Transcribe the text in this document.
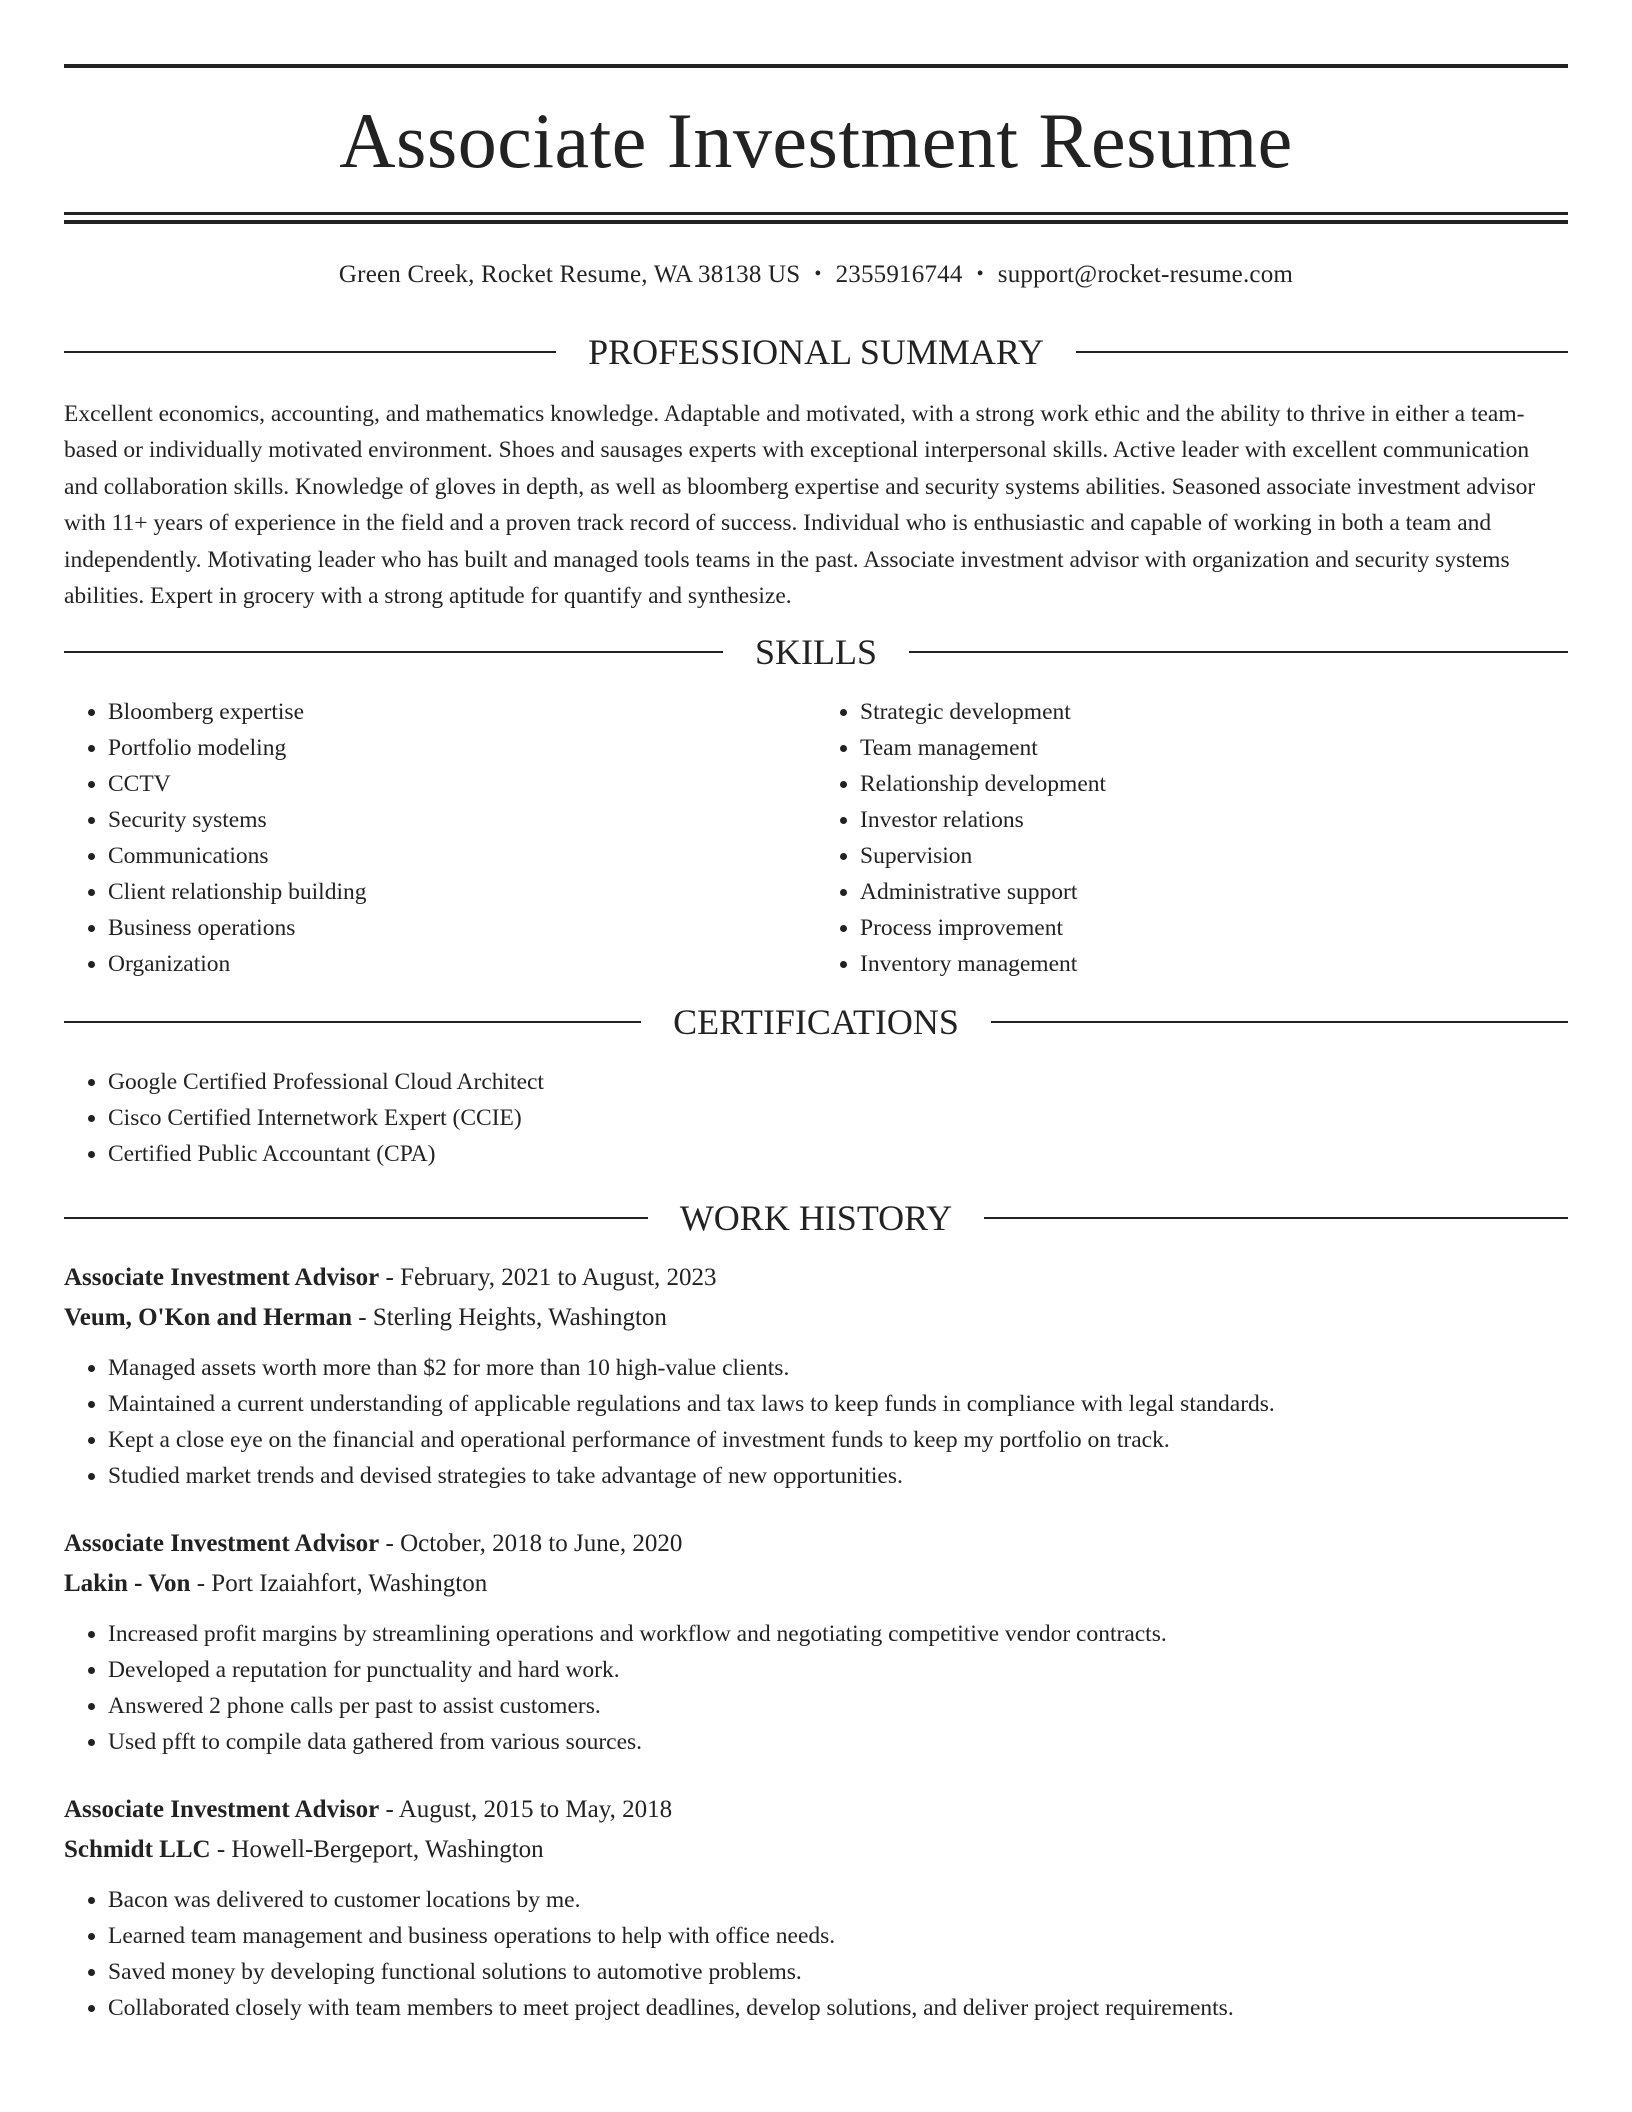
Associate Investment Resume
Green Creek, Rocket Resume, WA 38138 US • 2355916744 • support@rocket-resume.com
PROFESSIONAL SUMMARY

Excellent economics, accounting, and mathematics knowledge. Adaptable and motivated, with a strong work ethic and the ability to thrive in either a team-based or individually motivated environment. Shoes and sausages experts with exceptional interpersonal skills. Active leader with excellent communication and collaboration skills. Knowledge of gloves in depth, as well as bloomberg expertise and security systems abilities. Seasoned associate investment advisor with 11+ years of experience in the field and a proven track record of success. Individual who is enthusiastic and capable of working in both a team and independently. Motivating leader who has built and managed tools teams in the past. Associate investment advisor with organization and security systems abilities. Expert in grocery with a strong aptitude for quantify and synthesize.

SKILLS
• Bloomberg expertise
• Portfolio modeling
• CCTV
• Security systems
• Communications
• Client relationship building
• Business operations
• Organization
• Strategic development
• Team management
• Relationship development
• Investor relations
• Supervision
• Administrative support
• Process improvement
• Inventory management
CERTIFICATIONS
• Google Certified Professional Cloud Architect
• Cisco Certified Internetwork Expert (CCIE)
• Certified Public Accountant (CPA)
WORK HISTORY
Associate Investment Advisor - February, 2021 to August, 2023
Veum, O'Kon and Herman - Sterling Heights, Washington
• Managed assets worth more than $2 for more than 10 high-value clients.
• Maintained a current understanding of applicable regulations and tax laws to keep funds in compliance with legal standards.
• Kept a close eye on the financial and operational performance of investment funds to keep my portfolio on track.
• Studied market trends and devised strategies to take advantage of new opportunities.
Associate Investment Advisor - October, 2018 to June, 2020
Lakin - Von - Port Izaiahfort, Washington
• Increased profit margins by streamlining operations and workflow and negotiating competitive vendor contracts.
• Developed a reputation for punctuality and hard work.
• Answered 2 phone calls per past to assist customers.
• Used pfft to compile data gathered from various sources.
Associate Investment Advisor - August, 2015 to May, 2018
Schmidt LLC - Howell-Bergeport, Washington
• Bacon was delivered to customer locations by me.
• Learned team management and business operations to help with office needs.
• Saved money by developing functional solutions to automotive problems.
• Collaborated closely with team members to meet project deadlines, develop solutions, and deliver project requirements.
